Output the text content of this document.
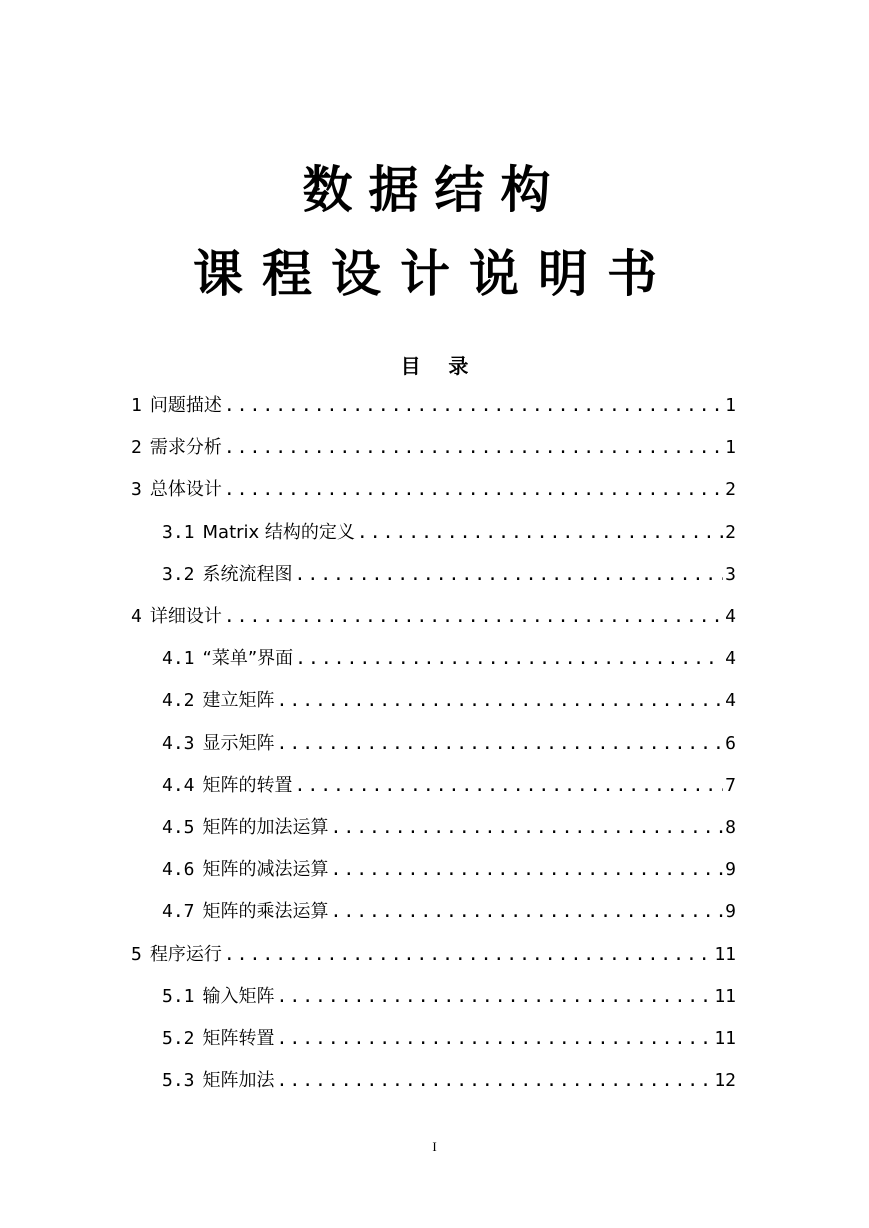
数据结构
课程设计说明书
目    录
1 问题描述 .....	1
2 需求分析 .....	1
3 总体设计 .....	2
3.1 Matrix 结构的定义 .....	2
3.2 系统流程图 .....	3
4 详细设计 .....	4
4.1 “菜单”界面 .....	4
4.2 建立矩阵 .....	4
4.3 显示矩阵 .....	6
4.4 矩阵的转置 .....	7
4.5 矩阵的加法运算 .....	8
4.6 矩阵的减法运算 .....	9
4.7 矩阵的乘法运算 .....	9
5 程序运行 .....	11
5.1 输入矩阵 .....	11
5.2 矩阵转置 .....	11
5.3 矩阵加法 .....	12
I
